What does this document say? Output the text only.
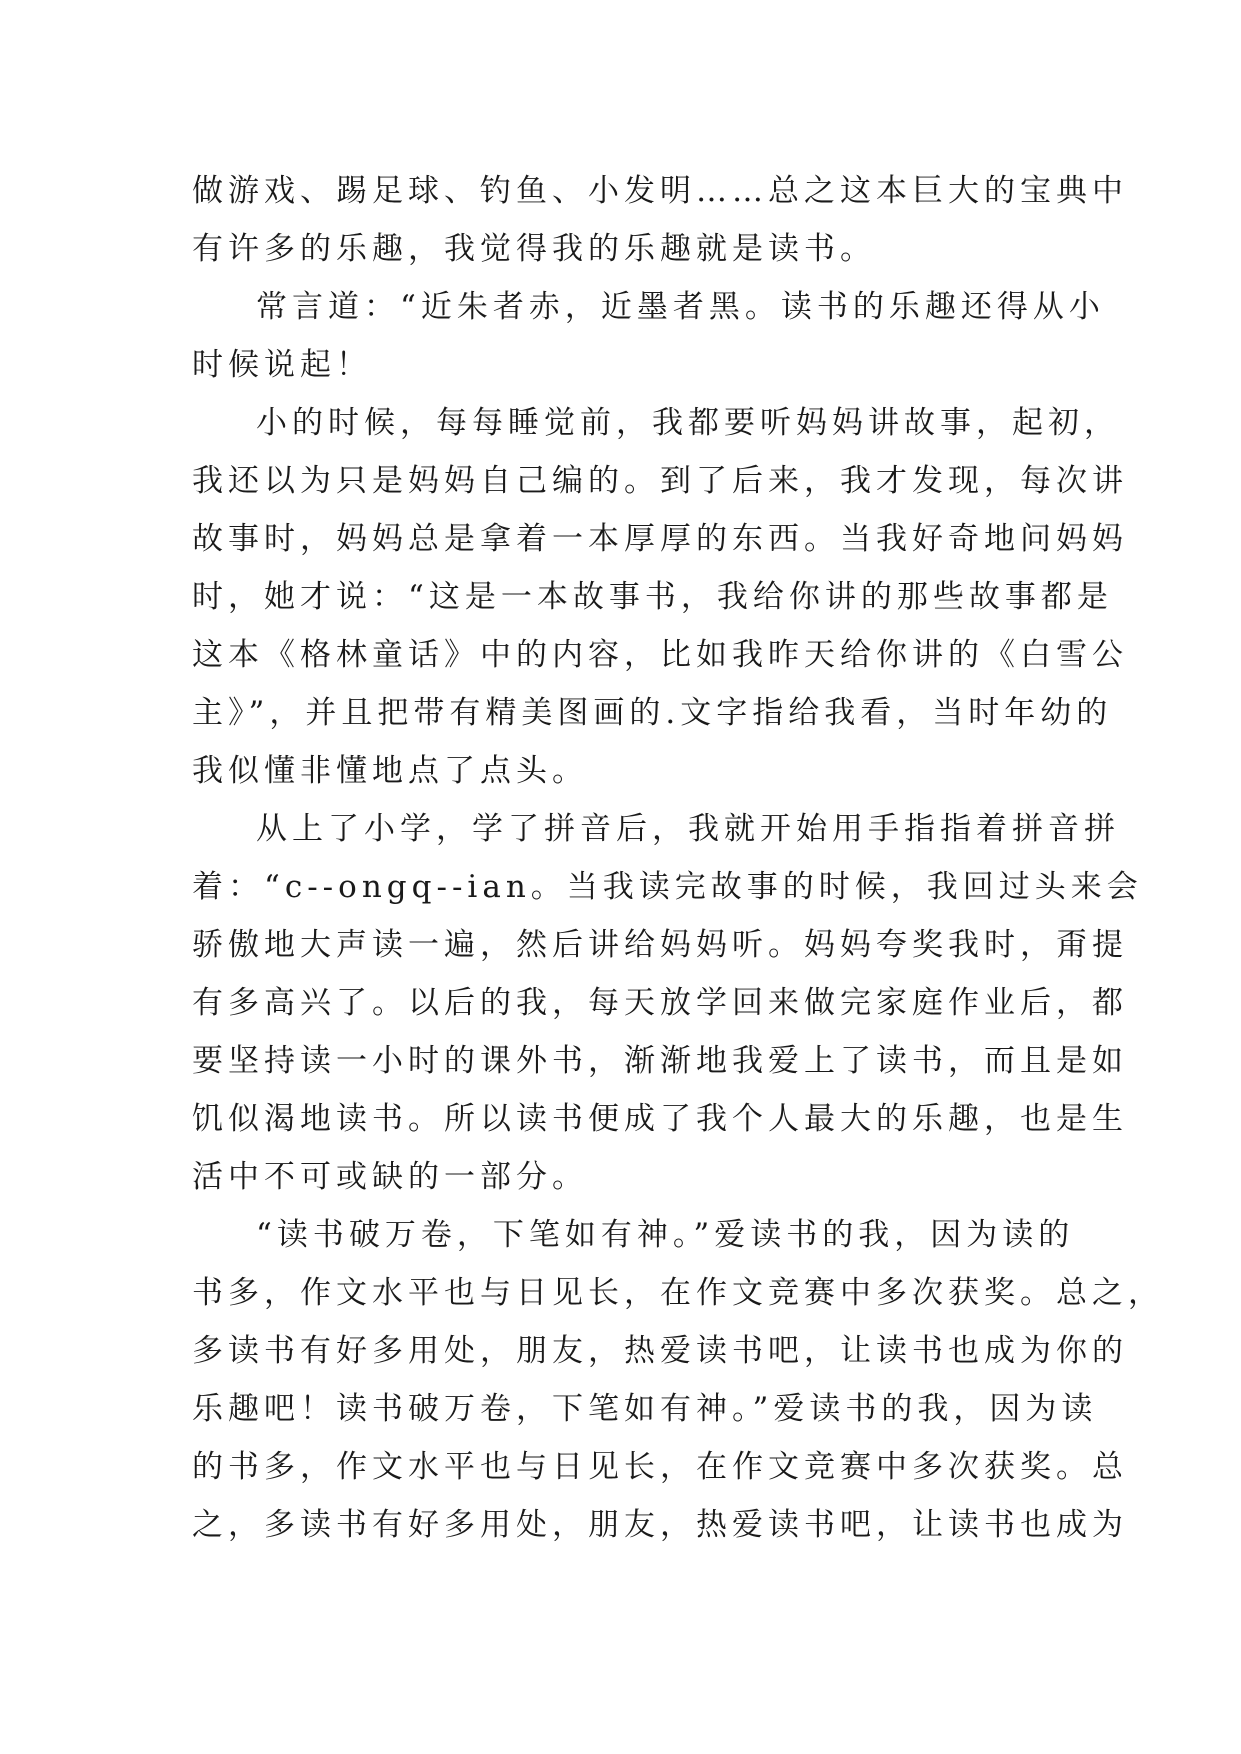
做游戏、踢足球、钓鱼、小发明……总之这本巨大的宝典中
有许多的乐趣，我觉得我的乐趣就是读书。
常言道：“近朱者赤，近墨者黑。读书的乐趣还得从小
时候说起！
小的时候，每每睡觉前，我都要听妈妈讲故事，起初，
我还以为只是妈妈自己编的。到了后来，我才发现，每次讲
故事时，妈妈总是拿着一本厚厚的东西。当我好奇地问妈妈
时，她才说：“这是一本故事书，我给你讲的那些故事都是
这本《格林童话》中的内容，比如我昨天给你讲的《白雪公
主》”，并且把带有精美图画的.文字指给我看，当时年幼的
我似懂非懂地点了点头。
从上了小学，学了拼音后，我就开始用手指指着拼音拼
着：“c--ongq--ian。当我读完故事的时候，我回过头来会
骄傲地大声读一遍，然后讲给妈妈听。妈妈夸奖我时，甭提
有多高兴了。以后的我，每天放学回来做完家庭作业后，都
要坚持读一小时的课外书，渐渐地我爱上了读书，而且是如
饥似渴地读书。所以读书便成了我个人最大的乐趣，也是生
活中不可或缺的一部分。
“读书破万卷，下笔如有神。”爱读书的我，因为读的
书多，作文水平也与日见长，在作文竞赛中多次获奖。总之，
多读书有好多用处，朋友，热爱读书吧，让读书也成为你的
乐趣吧！读书破万卷，下笔如有神。”爱读书的我，因为读
的书多，作文水平也与日见长，在作文竞赛中多次获奖。总
之，多读书有好多用处，朋友，热爱读书吧，让读书也成为
